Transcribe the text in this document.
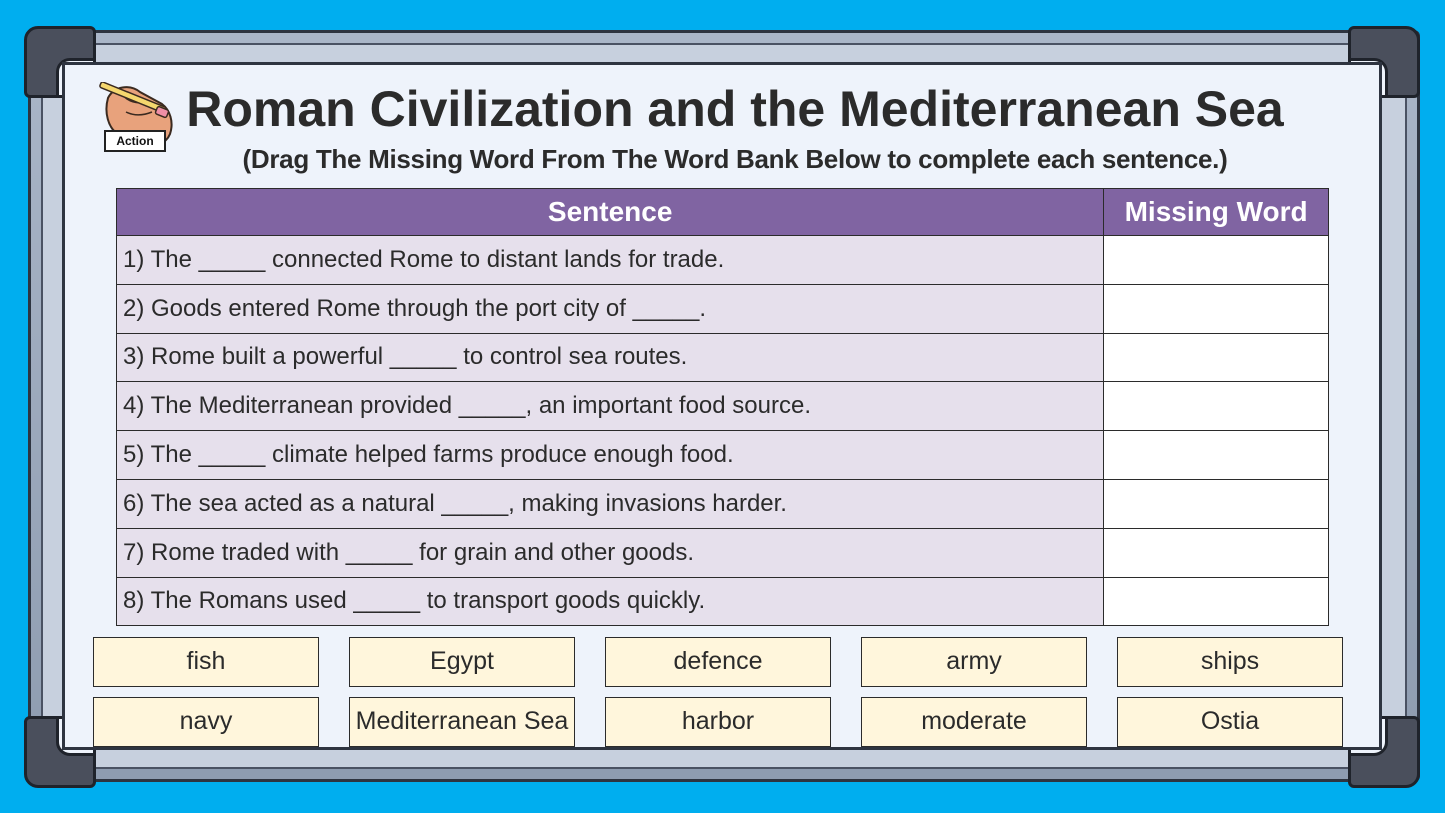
Action
Roman Civilization and the Mediterranean Sea
(Drag The Missing Word From The Word Bank Below to complete each sentence.)
Sentence	Missing Word
1) The _____ connected Rome to distant lands for trade.	
2) Goods entered Rome through the port city of _____.	
3) Rome built a powerful _____ to control sea routes.	
4) The Mediterranean provided _____, an important food source.	
5) The _____ climate helped farms produce enough food.	
6) The sea acted as a natural _____, making invasions harder.	
7) Rome traded with _____ for grain and other goods.	
8) The Romans used _____ to transport goods quickly.	
fish	Egypt	defence	army	ships
navy	Mediterranean Sea	harbor	moderate	Ostia
